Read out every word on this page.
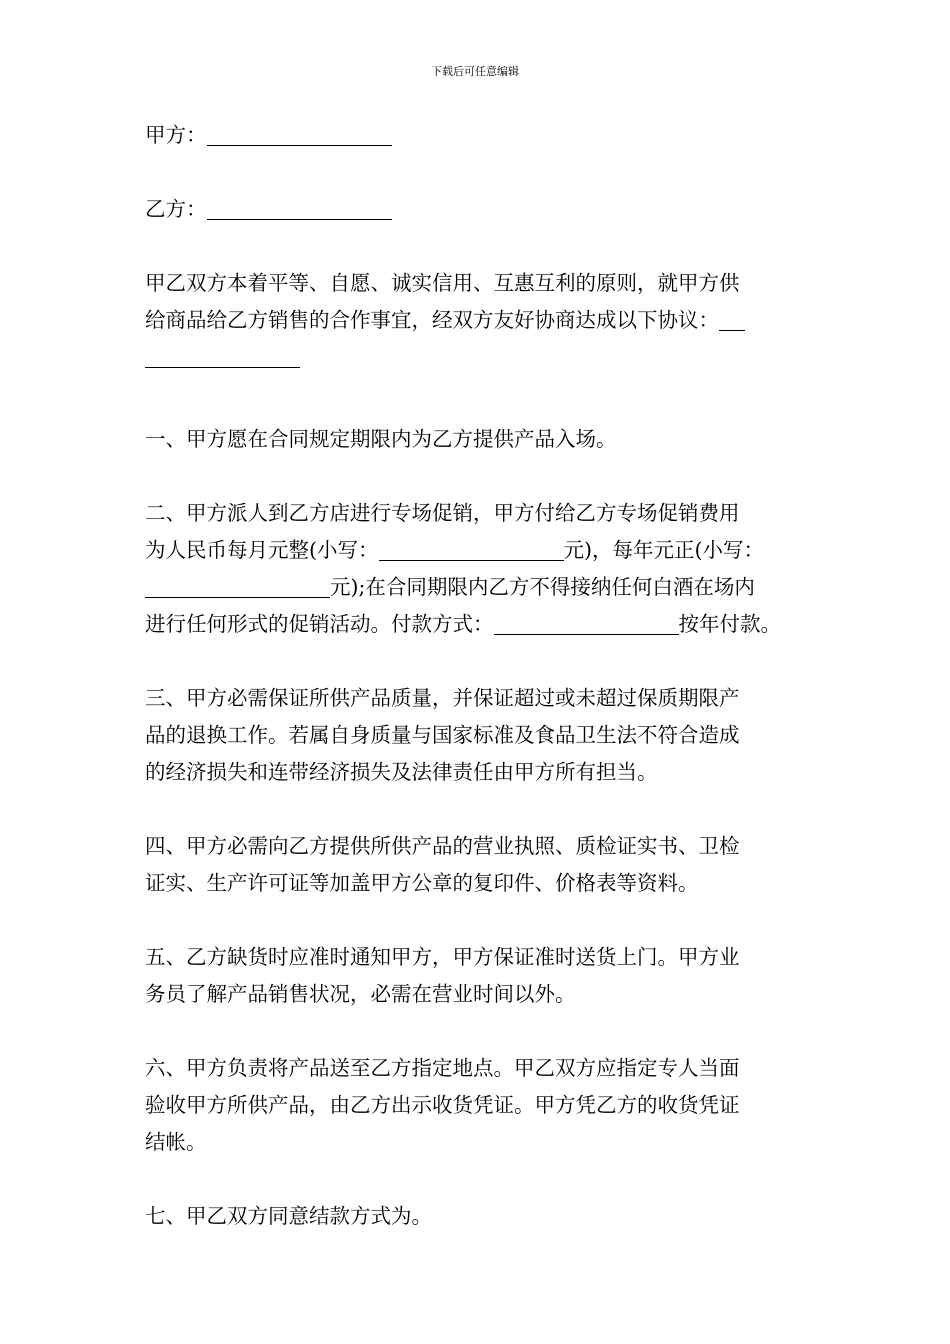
下载后可任意编辑

甲方：

乙方：

甲乙双方本着平等、自愿、诚实信用、互惠互利的原则，就甲方供

给商品给乙方销售的合作事宜，经双方友好协商达成以下协议：

一、甲方愿在合同规定期限内为乙方提供产品入场。

二、甲方派人到乙方店进行专场促销，甲方付给乙方专场促销费用

为人民币每月元整(小写：	元)，每年元正(小写：

元);在合同期限内乙方不得接纳任何白酒在场内

进行任何形式的促销活动。付款方式：	按年付款。

三、甲方必需保证所供产品质量，并保证超过或未超过保质期限产

品的退换工作。若属自身质量与国家标准及食品卫生法不符合造成

的经济损失和连带经济损失及法律责任由甲方所有担当。

四、甲方必需向乙方提供所供产品的营业执照、质检证实书、卫检

证实、生产许可证等加盖甲方公章的复印件、价格表等资料。

五、乙方缺货时应准时通知甲方，甲方保证准时送货上门。甲方业

务员了解产品销售状况，必需在营业时间以外。

六、甲方负责将产品送至乙方指定地点。甲乙双方应指定专人当面

验收甲方所供产品，由乙方出示收货凭证。甲方凭乙方的收货凭证

结帐。

七、甲乙双方同意结款方式为。
